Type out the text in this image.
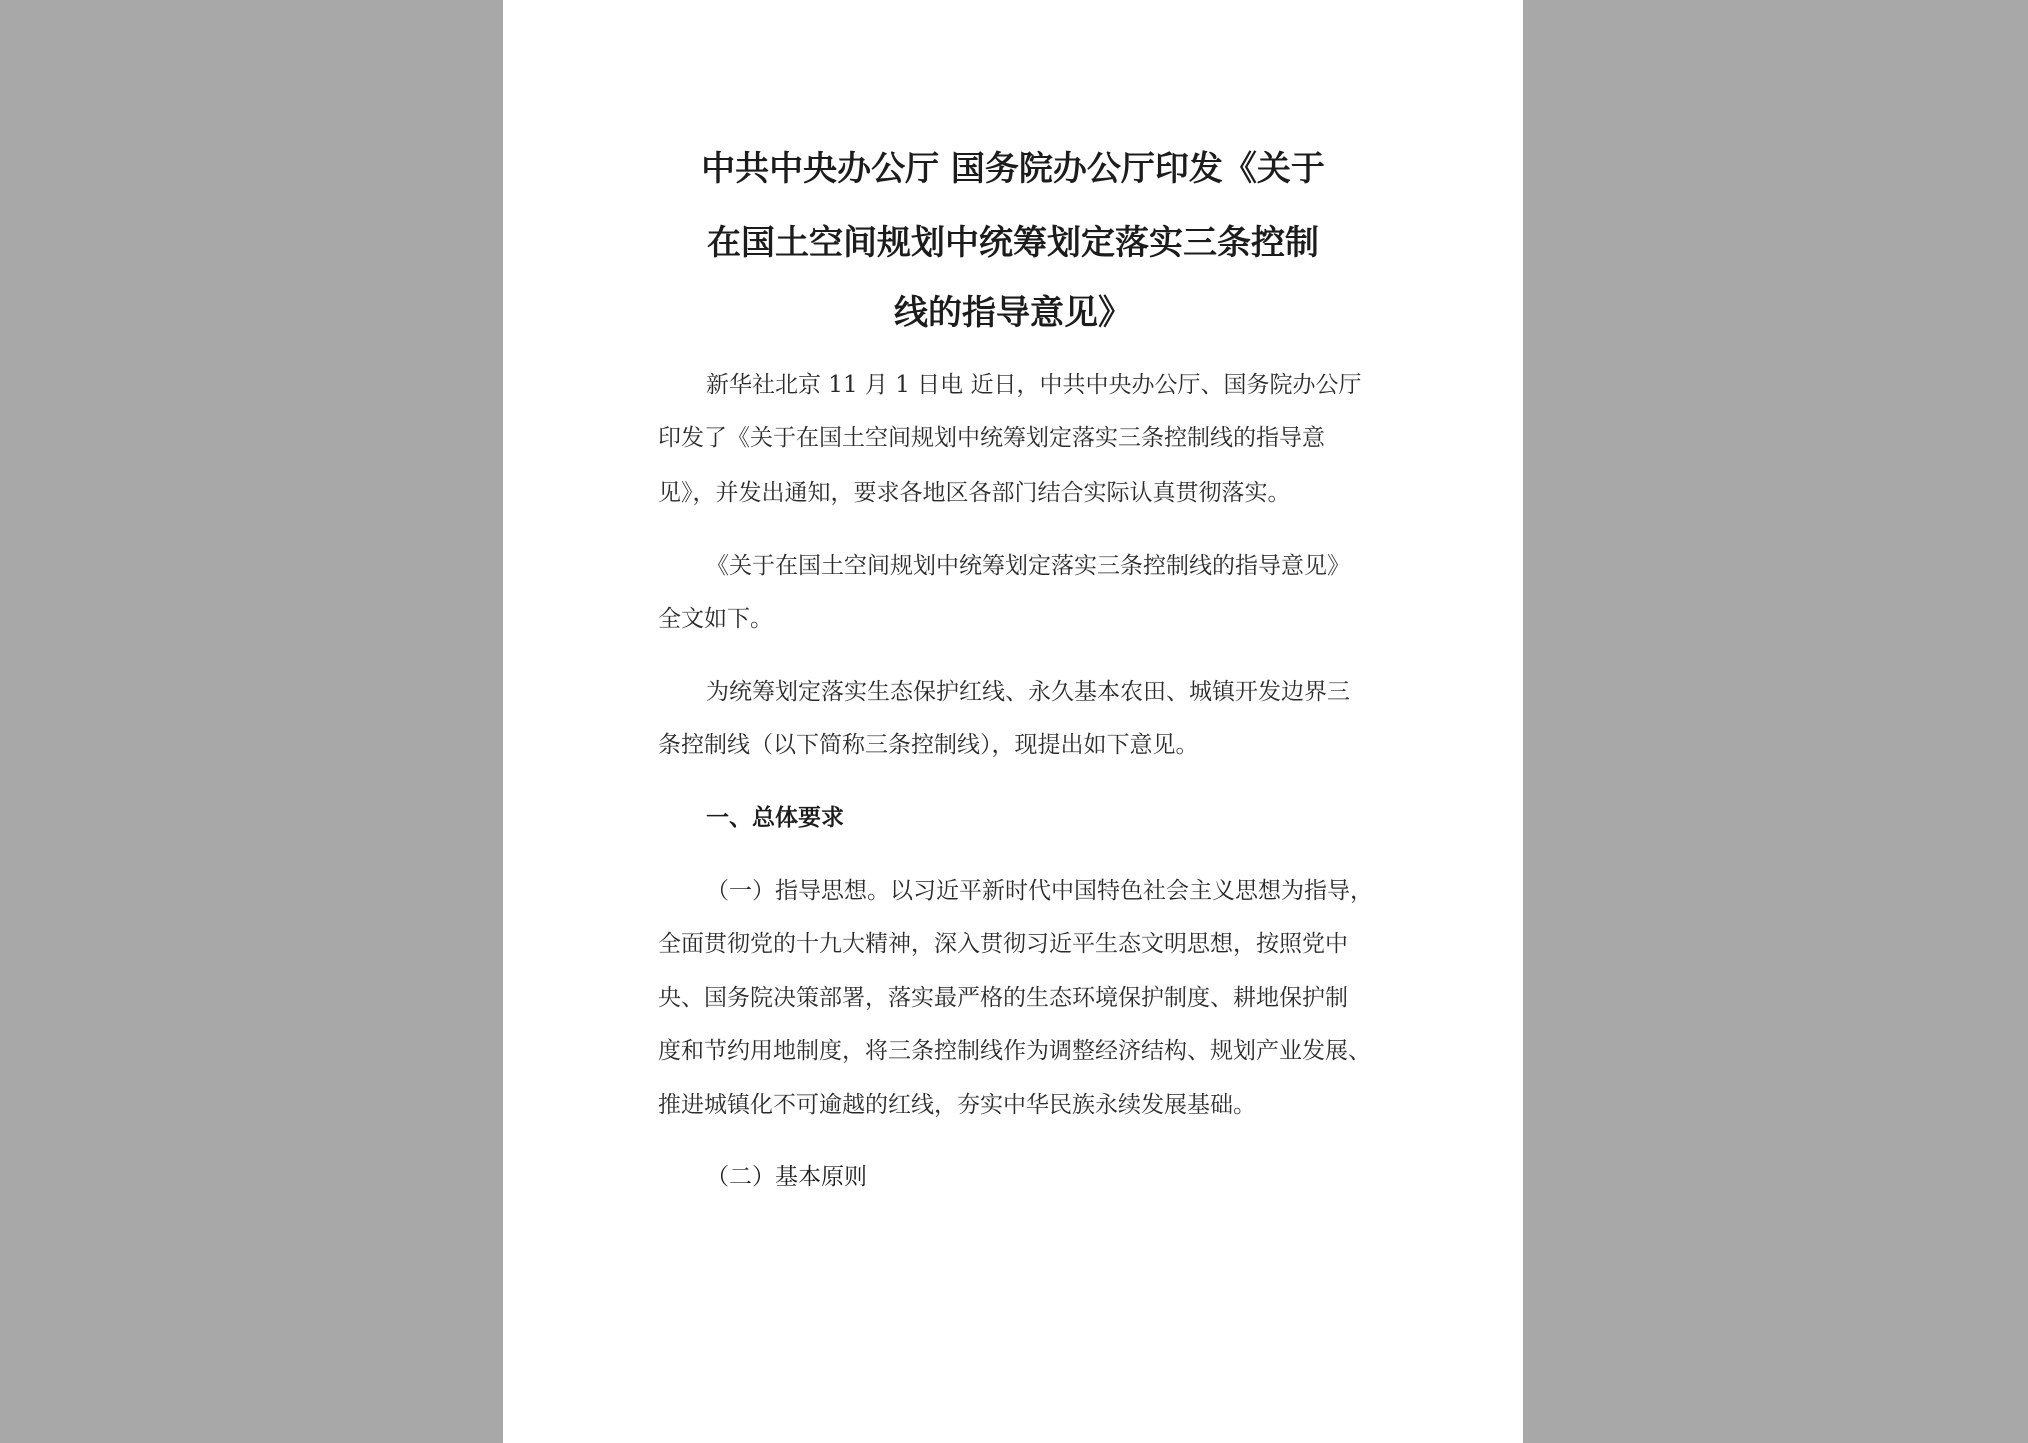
中共中央办公厅 国务院办公厅印发《关于
在国土空间规划中统筹划定落实三条控制
线的指导意见》
新华社北京 11 月 1 日电 近日，中共中央办公厅、国务院办公厅
印发了《关于在国土空间规划中统筹划定落实三条控制线的指导意
见》，并发出通知，要求各地区各部门结合实际认真贯彻落实。
《关于在国土空间规划中统筹划定落实三条控制线的指导意见》
全文如下。
为统筹划定落实生态保护红线、永久基本农田、城镇开发边界三
条控制线（以下简称三条控制线），现提出如下意见。
一、总体要求
（一）指导思想。以习近平新时代中国特色社会主义思想为指导，
全面贯彻党的十九大精神，深入贯彻习近平生态文明思想，按照党中
央、国务院决策部署，落实最严格的生态环境保护制度、耕地保护制
度和节约用地制度，将三条控制线作为调整经济结构、规划产业发展、
推进城镇化不可逾越的红线，夯实中华民族永续发展基础。
（二）基本原则
